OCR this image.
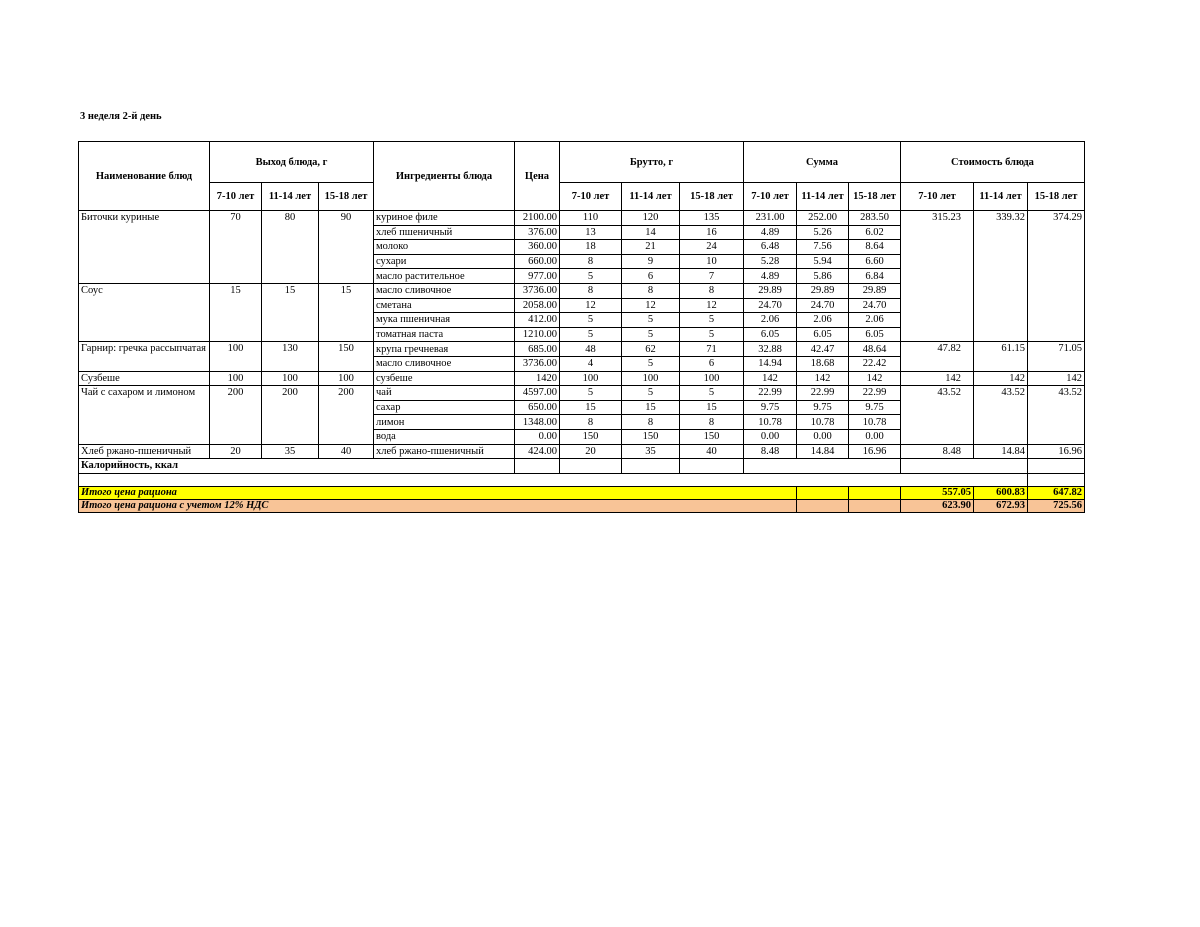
3 неделя 2-й день
Наименование блюд	Выход блюда, г			Ингредиенты блюда	Цена	Брутто, г			Сумма			Стоимость блюда		
	7-10 лет	11-14 лет	15-18 лет			7-10 лет	11-14 лет	15-18 лет	7-10 лет	11-14 лет	15-18 лет	7-10 лет	11-14 лет	15-18 лет
Биточки куриные	70	80	90	куриное филе	2100.00	110	120	135	231.00	252.00	283.50	315.23	339.32	374.29
				хлеб пшеничный	376.00	13	14	16	4.89	5.26	6.02			
				молоко	360.00	18	21	24	6.48	7.56	8.64			
				сухари	660.00	8	9	10	5.28	5.94	6.60			
				масло растительное	977.00	5	6	7	4.89	5.86	6.84			
Соус	15	15	15	масло сливочное	3736.00	8	8	8	29.89	29.89	29.89			
				сметана	2058.00	12	12	12	24.70	24.70	24.70			
				мука пшеничная	412.00	5	5	5	2.06	2.06	2.06			
				томатная паста	1210.00	5	5	5	6.05	6.05	6.05			
Гарнир: гречка рассыпчатая	100	130	150	крупа гречневая	685.00	48	62	71	32.88	42.47	48.64	47.82	61.15	71.05
				масло сливочное	3736.00	4	5	6	14.94	18.68	22.42			
Сузбеше	100	100	100	сузбеше	1420	100	100	100	142	142	142	142	142	142
Чай с сахаром и лимоном	200	200	200	чай	4597.00	5	5	5	22.99	22.99	22.99	43.52	43.52	43.52
				сахар	650.00	15	15	15	9.75	9.75	9.75			
				лимон	1348.00	8	8	8	10.78	10.78	10.78			
				вода	0.00	150	150	150	0.00	0.00	0.00			
Хлеб ржано-пшеничный	20	35	40	хлеб ржано-пшеничный	424.00	20	35	40	8.48	14.84	16.96	8.48	14.84	16.96
Калорийность, ккал														

Итого цена рациона												557.05	600.83	647.82
Итого цена рациона с учетом 12% НДС												623.90	672.93	725.56
